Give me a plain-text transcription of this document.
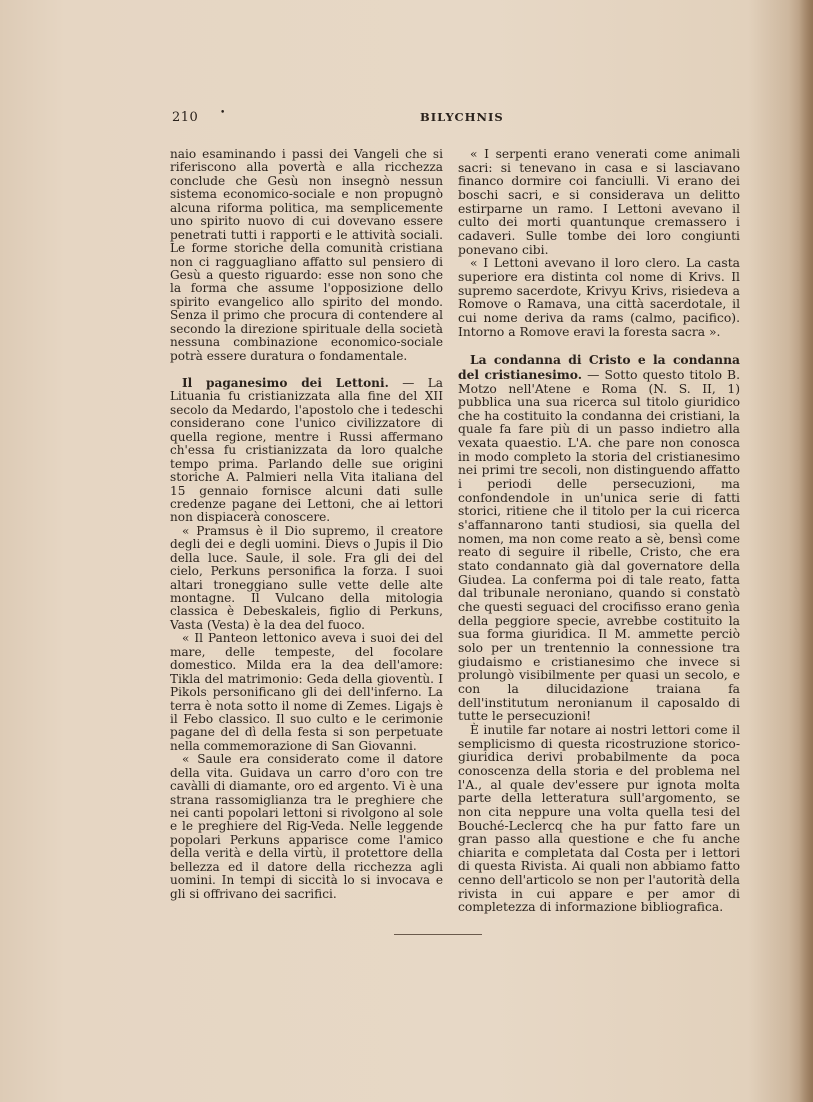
210 •	BILYCHNIS

naio esaminando i passi dei Vangeli che si riferiscono alla povertà e alla ricchezza concludе che Gesù non insegnò nessun sistema economico-sociale e non propugnò alcuna riforma politica, ma semplicemente uno spirito nuovo di cui dovevano essere penetrati tutti i rapporti e le attività sociali. Le forme storiche della comunità cristiana non ci ragguagliano affatto sul pensiero di Gesù a questo riguardo: esse non sono che la forma che assume l'opposizione dello spirito evangelico allo spirito del mondo. Senza il primo che procura di contendere al secondo la direzione spirituale della società nessuna combinazione economico-sociale potrà essere duratura o fondamentale.

Il paganesimo dei Lettoni. — La Lituania fu cristianizzata alla fine del XII secolo da Medardo, l'apostolo che i tedeschi considerano cone l'unico civilizzatore di quella regione, mentre i Russi affermano ch'essa fu cristianizzata da loro qualche tempo prima. Parlando delle sue origini storiche A. Palmieri nella Vita italiana del 15 gennaio fornisce alcuni dati sulle credenze pagane dei Lettoni, che ai lettori non dispiacerà conoscere.

« Pramsus è il Dio supremo, il creatore degli dei e degli uomini. Dievs o Jupis il Dio della luce. Saule, il sole. Fra gli dei del cielo, Perkuns personifica la forza. I suoi altari troneggiano sulle vette delle alte montagne. Il Vulcano della mitologia classica è Debeskaleis, figlio di Perkuns, Vasta (Vesta) è la dea del fuoco.

« Il Panteon lettonico aveva i suoi dei del mare, delle tempeste, del focolare domestico. Milda era la dea dell'amore: Tikla del matrimonio: Geda della gioventù. I Pikols personificano gli dei dell'inferno. La terra è nota sotto il nome di Zemes. Ligajs è il Febo classico. Il suo culto e le cerimonie pagane del dì della festa si son perpetuate nella commemorazione di San Giovanni.

« Saule era considerato come il datore della vita. Guidava un carro d'oro con tre cavàlli di diamante, oro ed argento. Vi è una strana rassomiglianza tra le preghiere che nei canti popolari lettoni si rivolgono al sole e le preghiere del Rig-Veda. Nelle leggende popolari Perkuns apparisce come l'amico della verità e della virtù, il protettore della bellezza ed il datore della ricchezza agli uomini. In tempi di siccità lo si invocava e gli si offrivano dei sacrifici.

« I serpenti erano venerati come animali sacri: si tenevano in casa e si lasciavano financo dormire coi fanciulli. Vi erano dei boschi sacri, e si considerava un delitto estirparne un ramo. I Lettoni avevano il culto dei morti quantunque cremassero i cadaveri. Sulle tombe dei loro congiunti ponevano cibi.

« I Lettoni avevano il loro clero. La casta superiore era distinta col nome di Krivs. Il supremo sacerdote, Krivyu Krivs, risiedeva a Romove o Ramava, una città sacerdotale, il cui nome deriva da rams (calmo, pacifico). Intorno a Romove eravi la foresta sacra ».

La condanna di Cristo e la condanna del cristianesimo. — Sotto questo titolo B. Motzo nell'Atene e Roma (N. S. II, 1) pubblica una sua ricerca sul titolo giuridico che ha costituito la condanna dei cristiani, la quale fa fare più di un passo indietro alla vexata quaestio. L'A. che pare non conosca in modo completo la storia del cristianesimo nei primi tre secoli, non distinguendo affatto i periodi delle persecuzioni, ma confondendole in un'unica serie di fatti storici, ritiene che il titolo per la cui ricerca s'affannarono tanti studiosi, sia quella del nomen, ma non come reato a sè, bensì come reato di seguire il ribelle, Cristo, che era stato condannato già dal governatore della Giudea. La conferma poi di tale reato, fatta dal tribunale neroniano, quando si constatò che questi seguaci del crocifisso erano genìa della peggiore specie, avrebbe costituito la sua forma giuridica. Il M. ammette perciò solo per un trentennio la connessione tra giudaismo e cristianesimo che invece si prolungò visibilmente per quasi un secolo, e con la dilucidazione traiana fa dell'institutum neronianum il caposaldo di tutte le persecuzioni!

È inutile far notare ai nostri lettori come il semplicismo di questa ricostruzione storico-giuridica derivi probabilmente da poca conoscenza della storia e del problema nel l'A., al quale dev'essere pur ignota molta parte della letteratura sull'argomento, se non cita neppure una volta quella tesi del Bouché-Leclercq che ha pur fatto fare un gran passo alla questione e che fu anche chiarita e completata dal Costa per i lettori di questa Rivista. Ai quali non abbiamo fatto cenno dell'articolo se non per l'autorità della rivista in cui appare e per amor di completezza di informazione bibliografica.
